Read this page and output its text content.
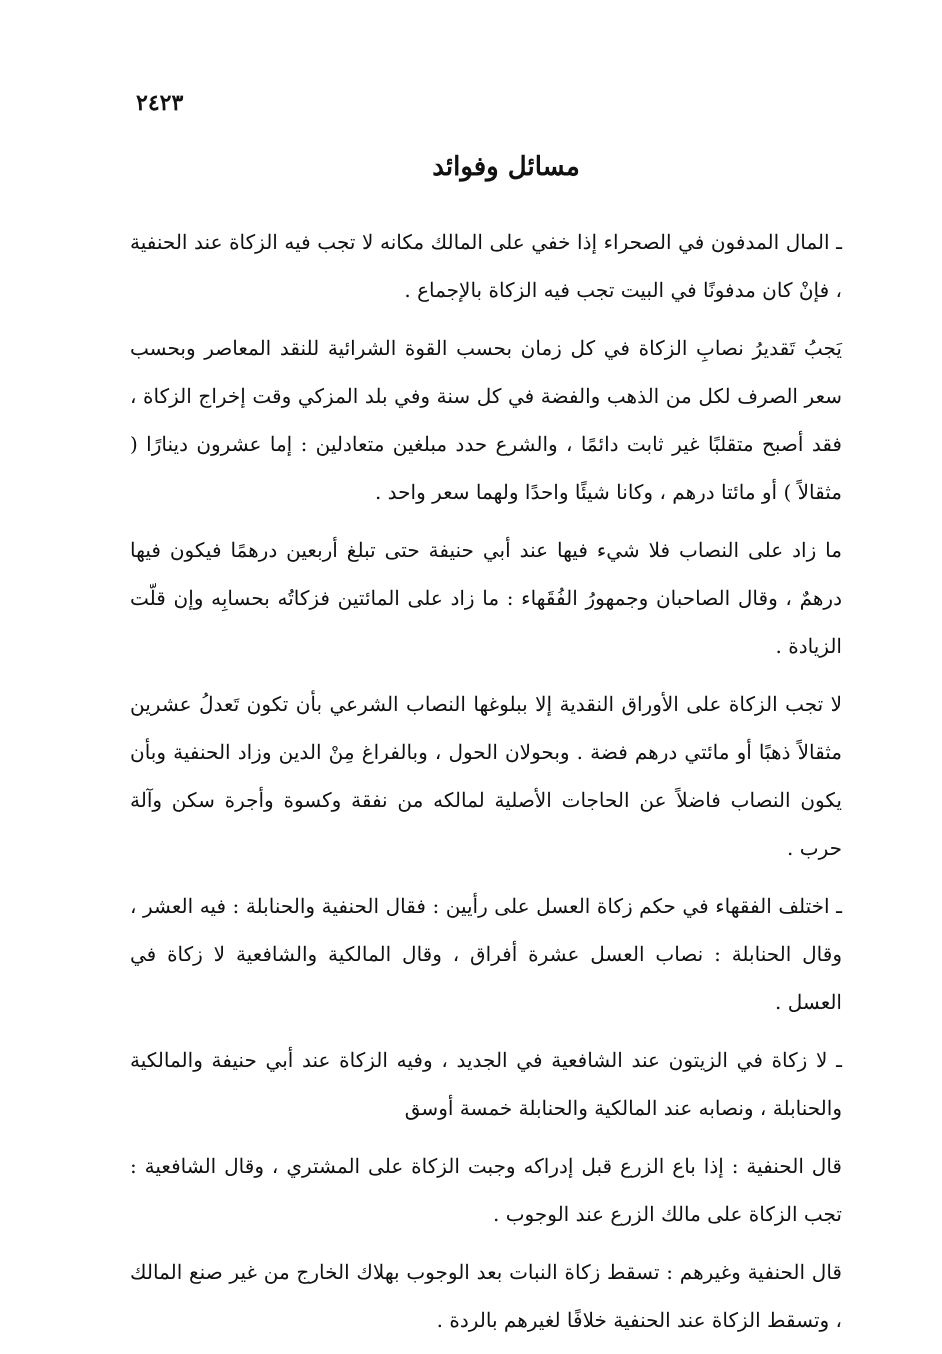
٢٤٢٣
مسائل وفوائد

ـ المال المدفون في الصحراء إذا خفي على المالك مكانه لا تجب فيه الزكاة عند الحنفية ، فإنْ كان مدفونًا في البيت تجب فيه الزكاة بالإجماع .

يَجبُ تَقديرُ نصابِ الزكاة في كل زمان بحسب القوة الشرائية للنقد المعاصر وبحسب سعر الصرف لكل من الذهب والفضة في كل سنة وفي بلد المزكي وقت إخراج الزكاة ، فقد أصبح متقلبًا غير ثابت دائمًا ، والشرع حدد مبلغين متعادلين : إما عشرون دينارًا ( مثقالاً ) أو مائتا درهم ، وكانا شيئًا واحدًا ولهما سعر واحد .

ما زاد على النصاب فلا شيء فيها عند أبي حنيفة حتى تبلغ أربعين درهمًا فيكون فيها درهمٌ ، وقال الصاحبان وجمهورُ الفُقَهاء : ما زاد على المائتين فزكاتُه بحسابِه وإن قلّت الزيادة .

لا تجب الزكاة على الأوراق النقدية إلا ببلوغها النصاب الشرعي بأن تكون تَعدلُ عشرين مثقالاً ذهبًا أو مائتي درهم فضة . وبحولان الحول ، وبالفراغ مِنْ الدين وزاد الحنفية وبأن يكون النصاب فاضلاً عن الحاجات الأصلية لمالكه من نفقة وكسوة وأجرة سكن وآلة حرب .

ـ اختلف الفقهاء في حكم زكاة العسل على رأيين : فقال الحنفية والحنابلة : فيه العشر ، وقال الحنابلة : نصاب العسل عشرة أفراق ، وقال المالكية والشافعية لا زكاة في العسل .

ـ لا زكاة في الزيتون عند الشافعية في الجديد ، وفيه الزكاة عند أبي حنيفة والمالكية والحنابلة ، ونصابه عند المالكية والحنابلة خمسة أوسق

قال الحنفية : إذا باع الزرع قبل إدراكه وجبت الزكاة على المشتري ، وقال الشافعية : تجب الزكاة على مالك الزرع عند الوجوب .

قال الحنفية وغيرهم : تسقط زكاة النبات بعد الوجوب بهلاك الخارج من غير صنع المالك ، وتسقط الزكاة عند الحنفية خلافًا لغيرهم بالردة .
